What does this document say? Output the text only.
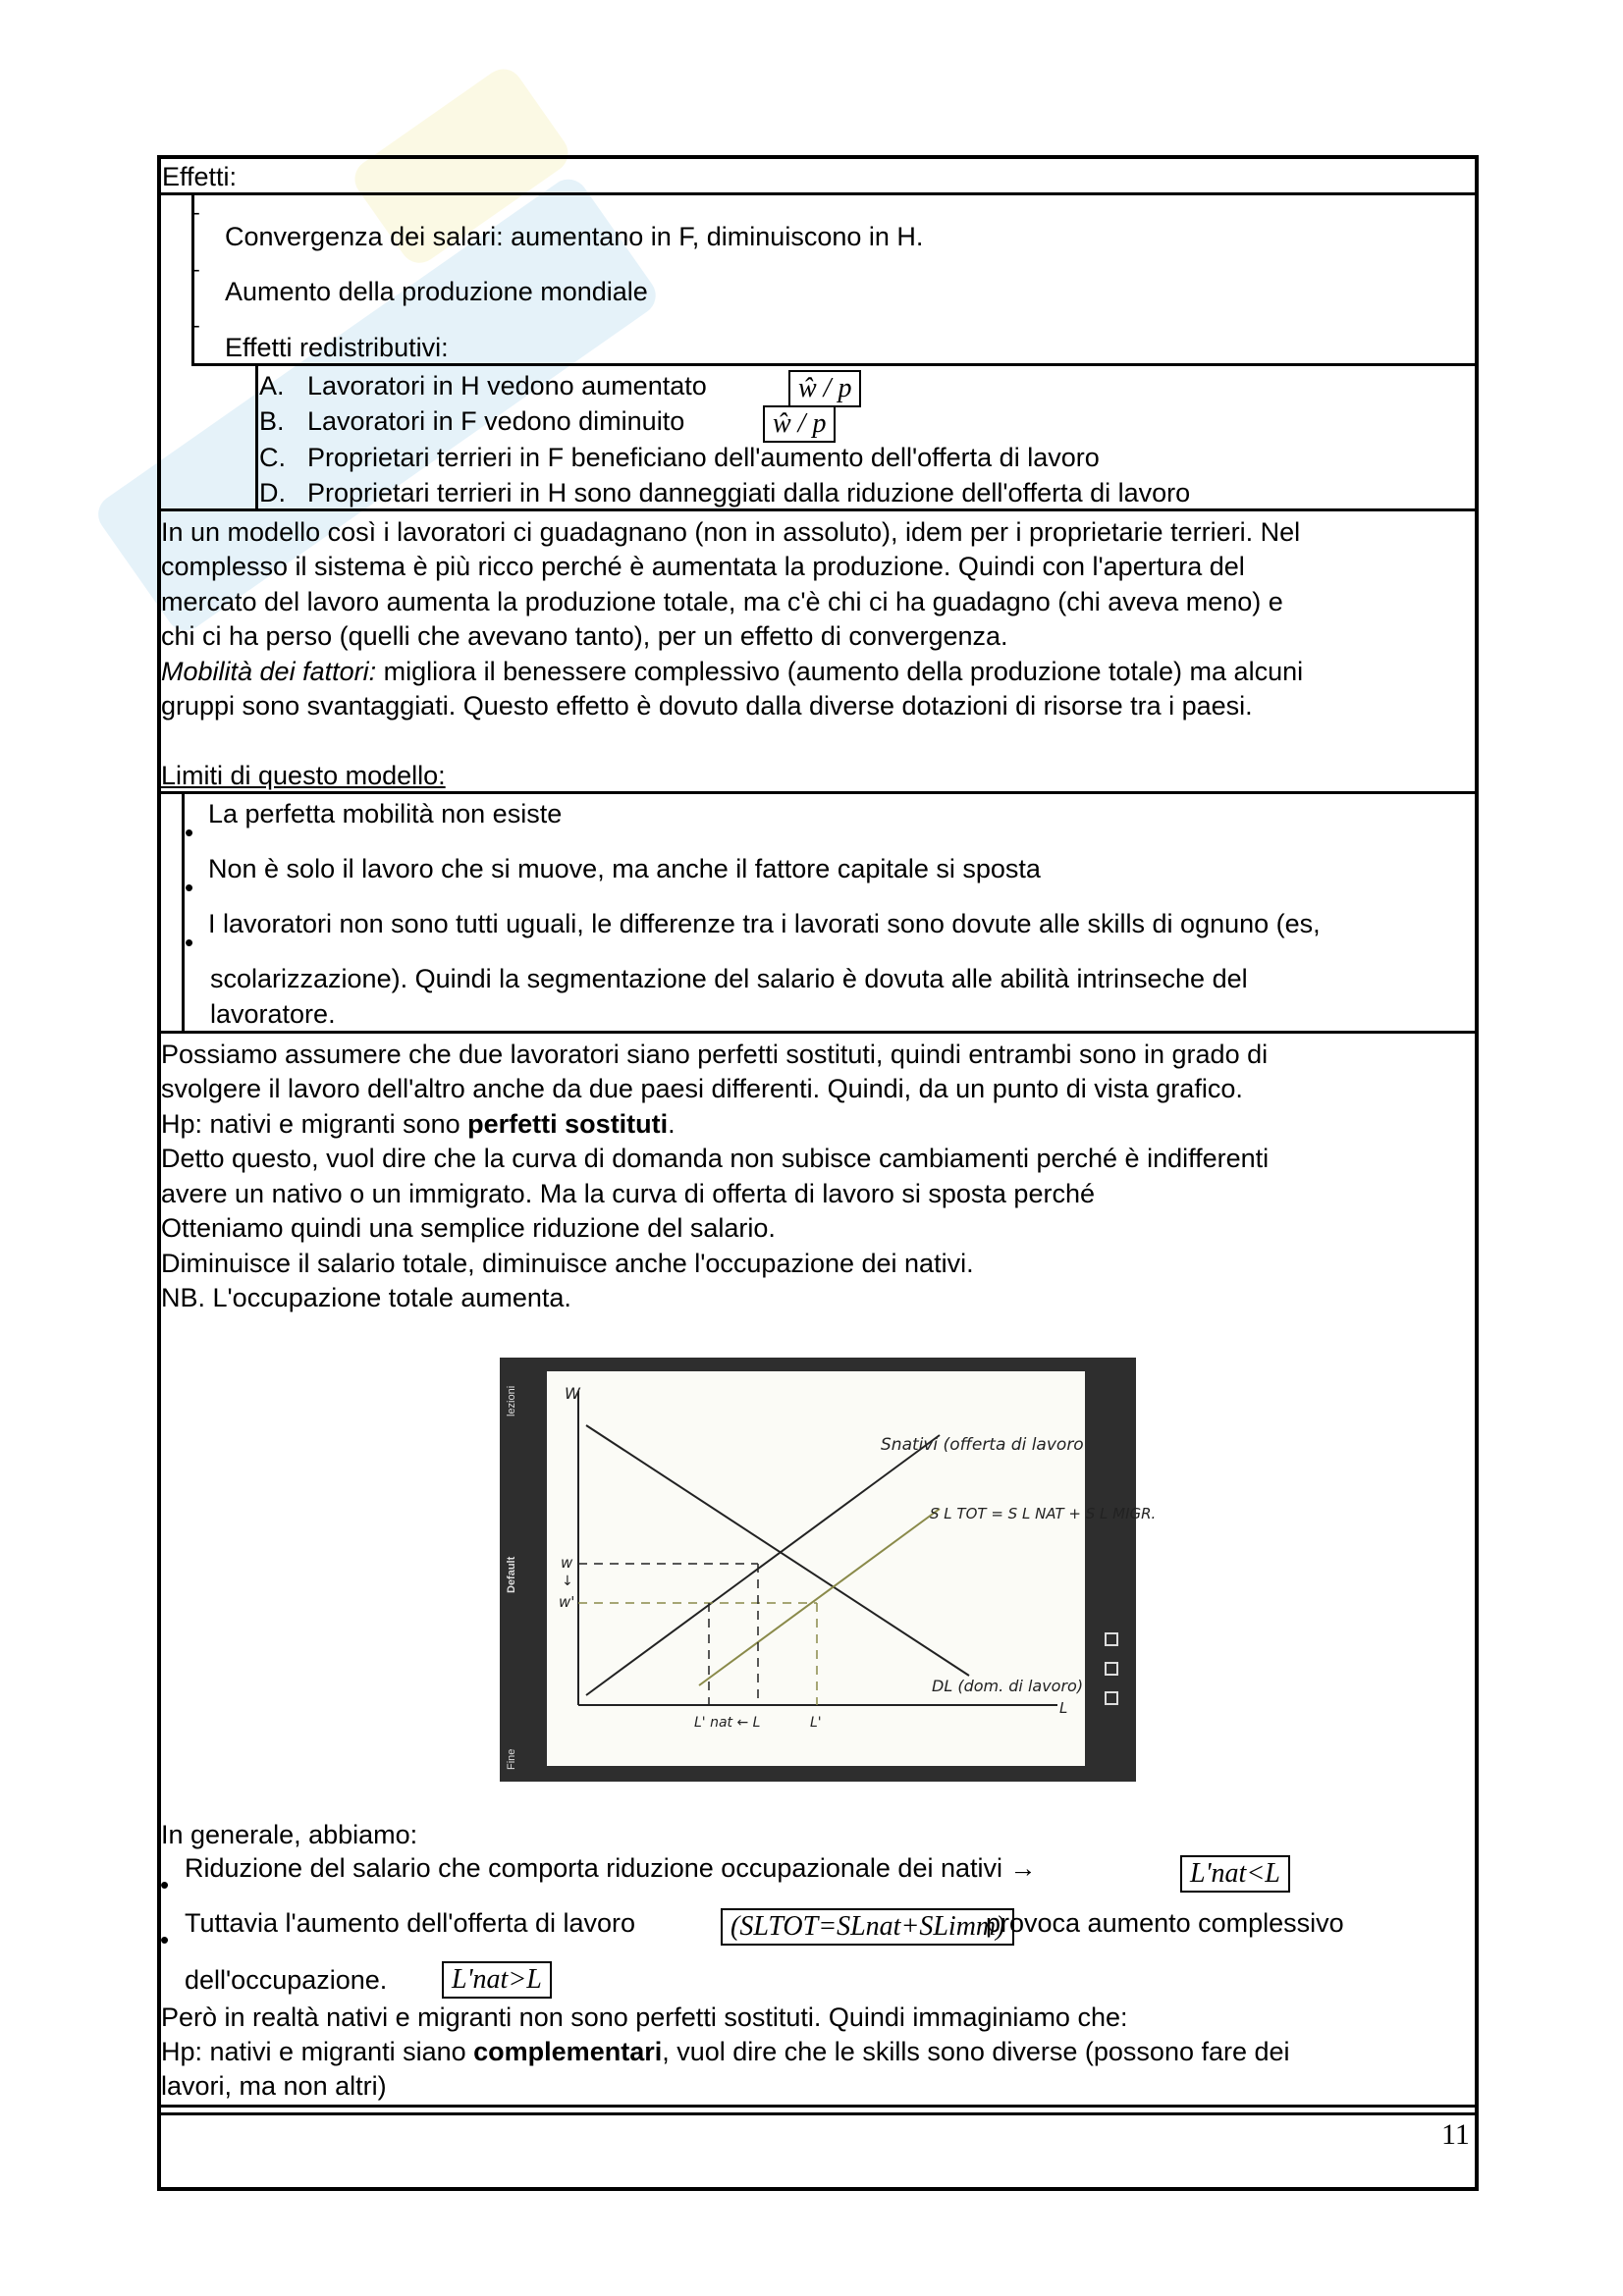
Effetti:
-
-
-
Convergenza dei salari: aumentano in F, diminuiscono in H.
Aumento della produzione mondiale
Effetti redistributivi:
A. Lavoratori in H vedono aumentato	ŵ / p
B. Lavoratori in F vedono diminuito	ŵ / p
C. Proprietari terrieri in F beneficiano dell'aumento dell'offerta di lavoro
D. Proprietari terrieri in H sono danneggiati dalla riduzione dell'offerta di lavoro
In un modello così i lavoratori ci guadagnano (non in assoluto), idem per i proprietarie terrieri. Nel
complesso il sistema è più ricco perché è aumentata la produzione. Quindi con l'apertura del
mercato del lavoro aumenta la produzione totale, ma c'è chi ci ha guadagno (chi aveva meno) e
chi ci ha perso (quelli che avevano tanto), per un effetto di convergenza.
Mobilità dei fattori: migliora il benessere complessivo (aumento della produzione totale) ma alcuni
gruppi sono svantaggiati. Questo effetto è dovuto dalla diverse dotazioni di risorse tra i paesi.
Limiti di questo modello:
•
•
•
La perfetta mobilità non esiste
Non è solo il lavoro che si muove, ma anche il fattore capitale si sposta
I lavoratori non sono tutti uguali, le differenze tra i lavorati sono dovute alle skills di ognuno (es,
scolarizzazione). Quindi la segmentazione del salario è dovuta alle abilità intrinseche del
lavoratore.
Possiamo assumere che due lavoratori siano perfetti sostituti, quindi entrambi sono in grado di
svolgere il lavoro dell'altro anche da due paesi differenti. Quindi, da un punto di vista grafico.
Hp: nativi e migranti sono perfetti sostituti.
Detto questo, vuol dire che la curva di domanda non subisce cambiamenti perché è indifferenti
avere un nativo o un immigrato. Ma la curva di offerta di lavoro si sposta perché
Otteniamo quindi una semplice riduzione del salario.
Diminuisce il salario totale, diminuisce anche l'occupazione dei nativi.
NB. L'occupazione totale aumenta.
lezioni
Default
Fine
W
w
↓
w'
Snativi (offerta di lavoro
S L TOT = S L NAT + S L MIGR.
DL (dom. di lavoro)
L' nat ← L	L'
L
In generale, abbiamo:
•
Riduzione del salario che comporta riduzione occupazionale dei nativi →	L'nat<L
•
Tuttavia l'aumento dell'offerta di lavoro	(SLTOT=SLnat+SLimm)
provoca aumento complessivo
dell'occupazione.	L'nat>L
Però in realtà nativi e migranti non sono perfetti sostituti. Quindi immaginiamo che:
Hp: nativi e migranti siano complementari, vuol dire che le skills sono diverse (possono fare dei
lavori, ma non altri)
11
